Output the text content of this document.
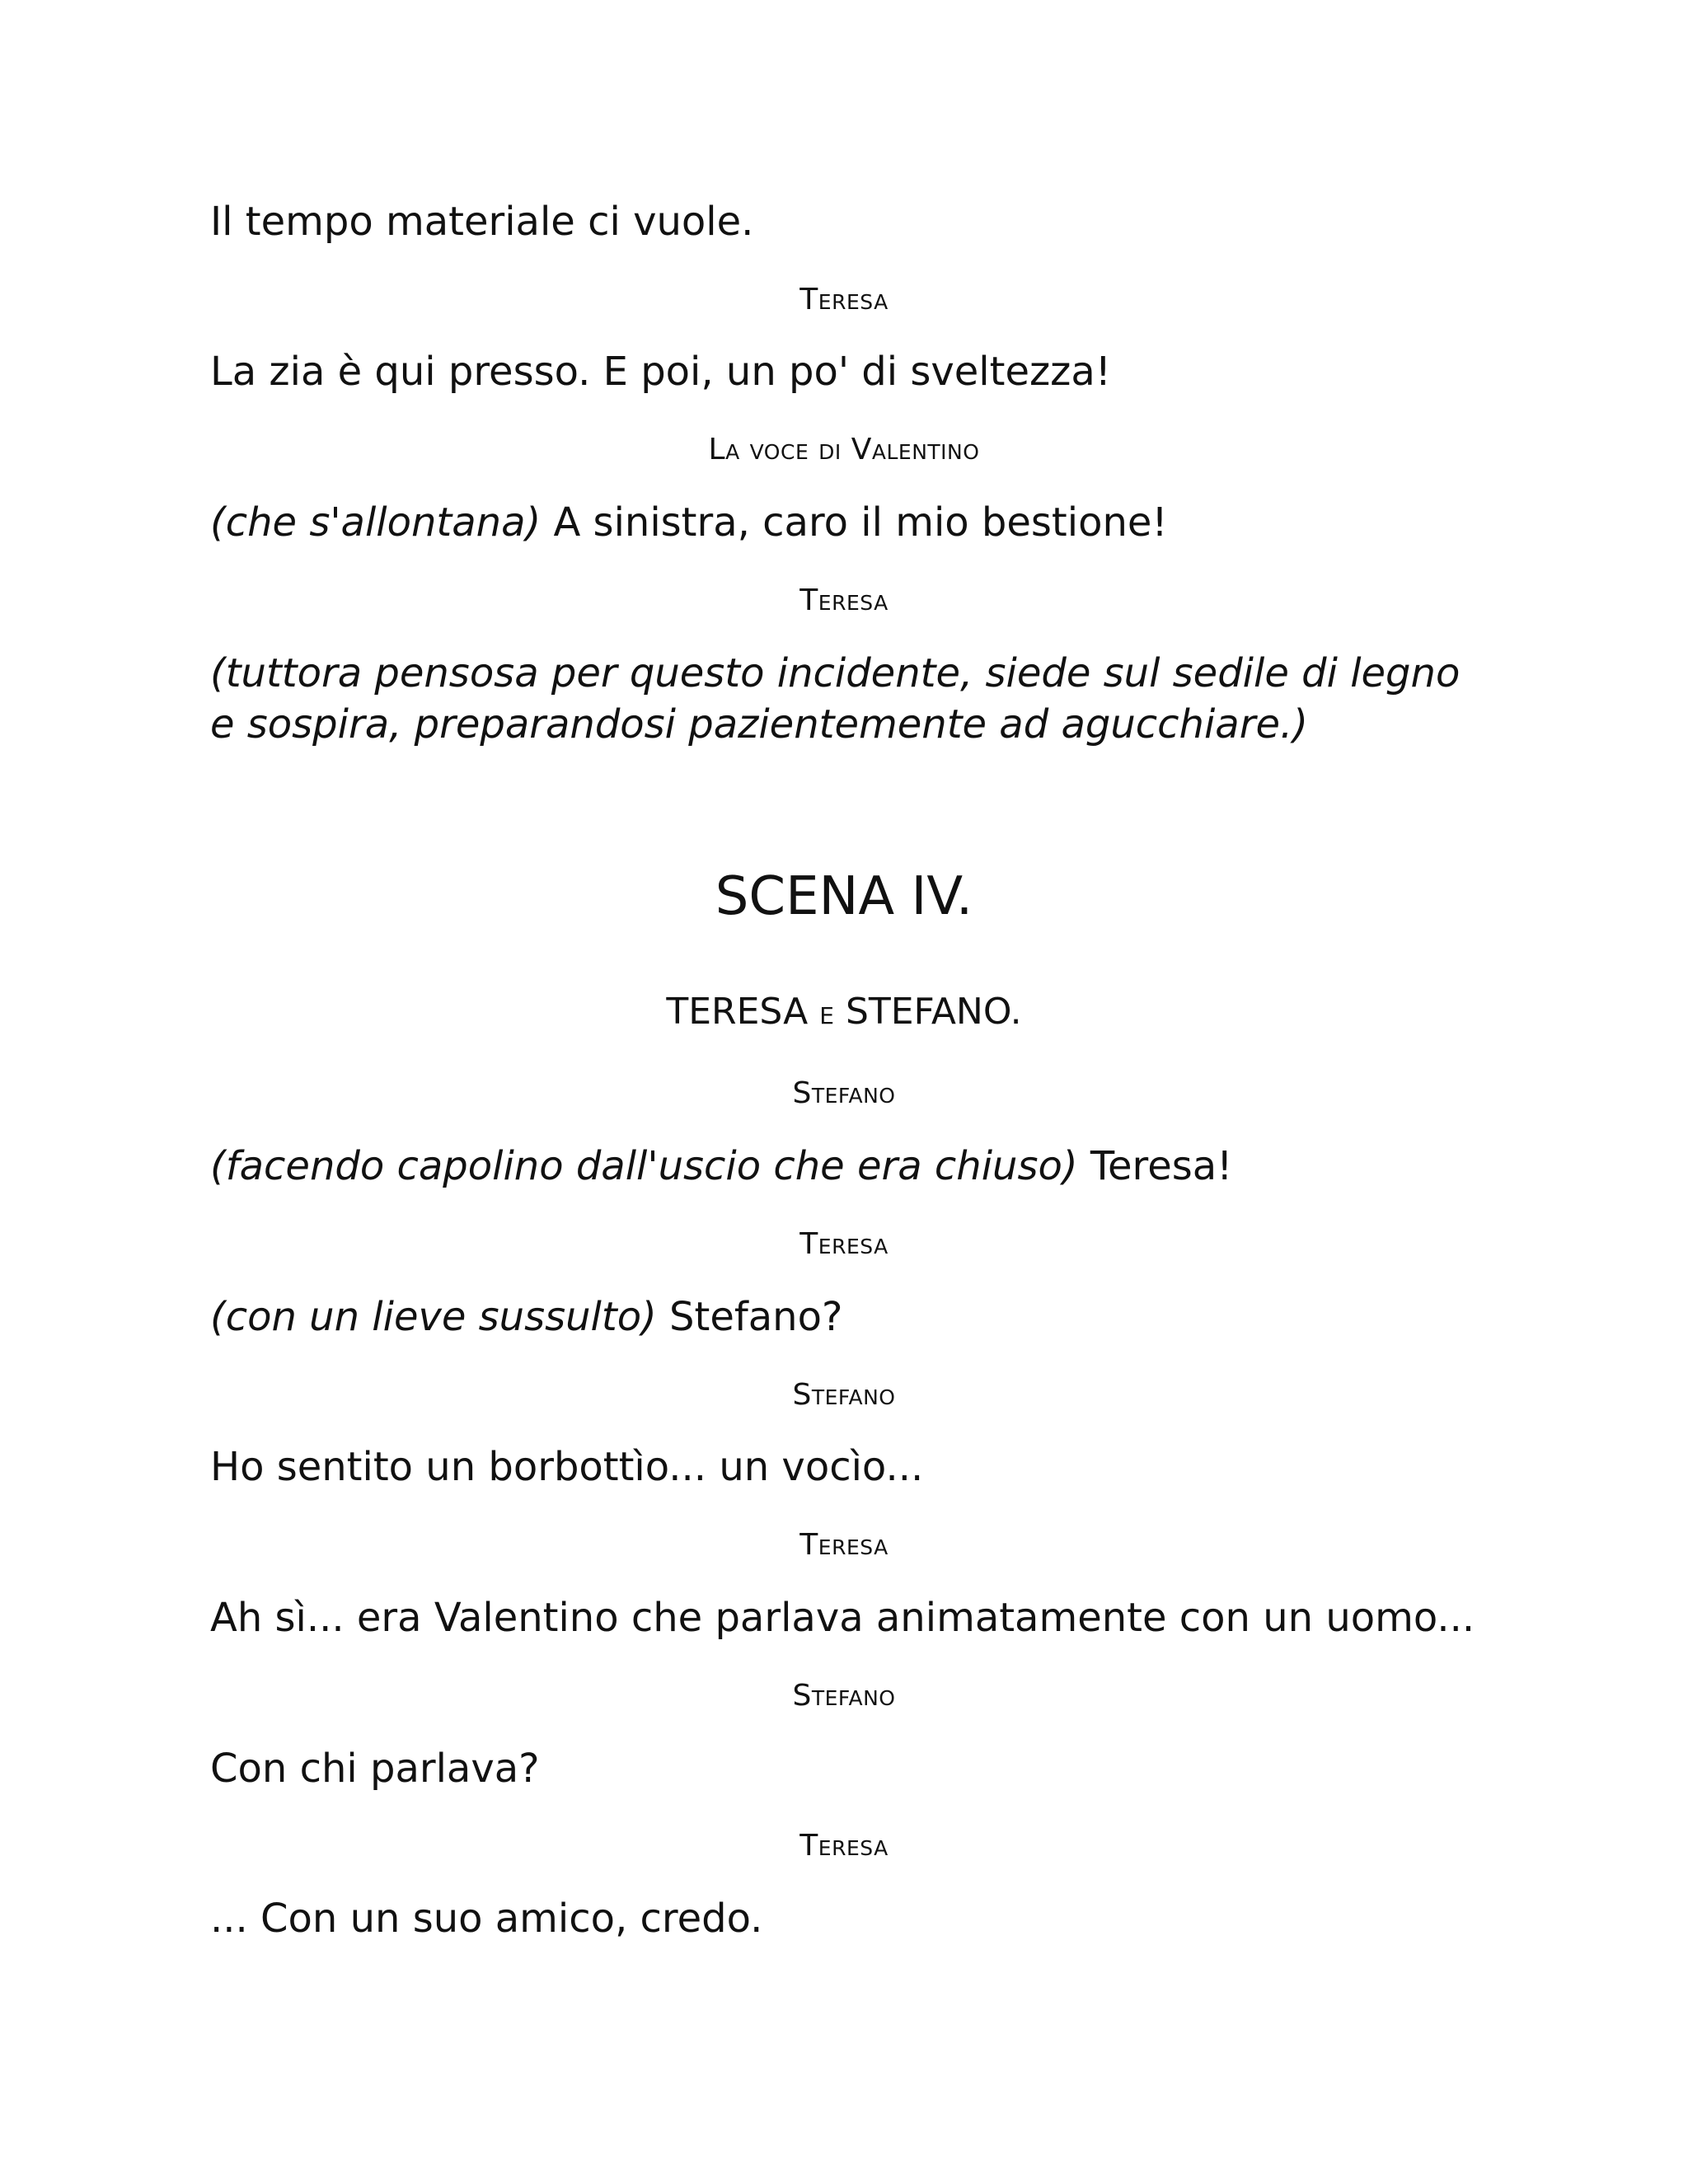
Il tempo materiale ci vuole.
Teresa
La zia è qui presso. E poi, un po' di sveltezza!
La voce di Valentino
(che s'allontana) A sinistra, caro il mio bestione!
Teresa
(tuttora pensosa per questo incidente, siede sul sedile di legno e sospira, preparandosi pazientemente ad agucchiare.)
SCENA IV.
TERESA E STEFANO.
Stefano
(facendo capolino dall'uscio che era chiuso) Teresa!
Teresa
(con un lieve sussulto) Stefano?
Stefano
Ho sentito un borbottìo... un vocìo...
Teresa
Ah sì... era Valentino che parlava animatamente con un uomo...
Stefano
Con chi parlava?
Teresa
... Con un suo amico, credo.
